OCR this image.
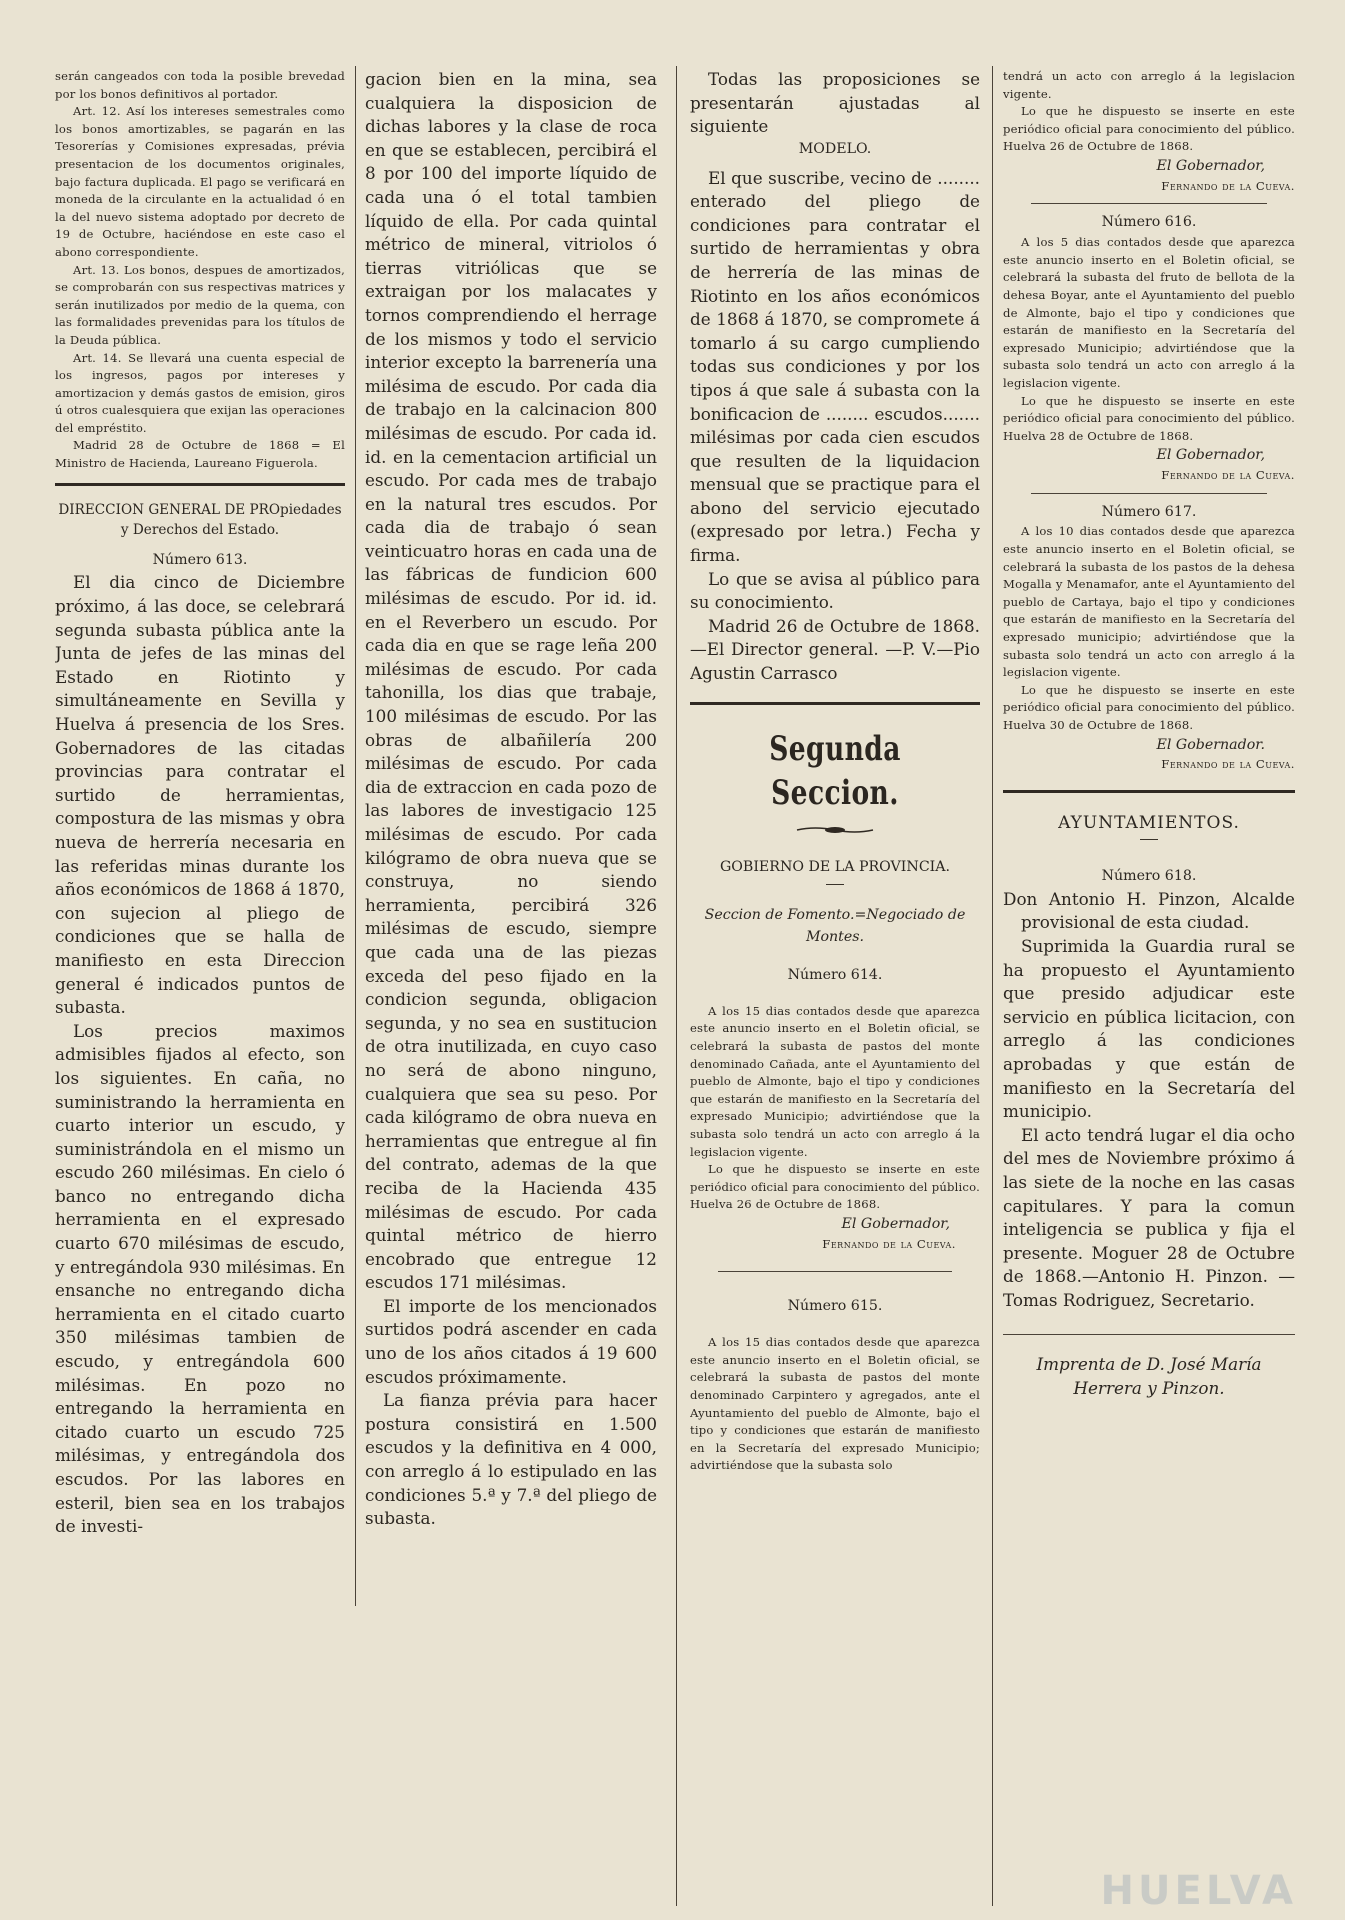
serán cangeados con toda la posible brevedad por los bonos definitivos al portador.

Art. 12. Así los intereses semestrales como los bonos amortizables, se pagarán en las Tesorerías y Comisiones expresadas, prévia presentacion de los documentos originales, bajo factura duplicada. El pago se verificará en moneda de la circulante en la actualidad ó en la del nuevo sistema adoptado por decreto de 19 de Octubre, haciéndose en este caso el abono correspondiente.

Art. 13. Los bonos, despues de amortizados, se comprobarán con sus respectivas matrices y serán inutilizados por medio de la quema, con las formalidades prevenidas para los títulos de la Deuda pública.

Art. 14. Se llevará una cuenta especial de los ingresos, pagos por intereses y amortizacion y demás gastos de emision, giros ú otros cualesquiera que exijan las operaciones del empréstito.

Madrid 28 de Octubre de 1868 = El Ministro de Hacienda, Laureano Figuerola.

DIRECCION GENERAL DE PROpiedades y Derechos del Estado.

Número 613.

El dia cinco de Diciembre próximo, á las doce, se celebrará segunda subasta pública ante la Junta de jefes de las minas del Estado en Riotinto y simultáneamente en Sevilla y Huelva á presencia de los Sres. Gobernadores de las citadas provincias para contratar el surtido de herramientas, compostura de las mismas y obra nueva de herrería necesaria en las referidas minas durante los años económicos de 1868 á 1870, con sujecion al pliego de condiciones que se halla de manifiesto en esta Direccion general é indicados puntos de subasta.

Los precios maximos admisibles fijados al efecto, son los siguientes. En caña, no suministrando la herramienta en cuarto interior un escudo, y suministrándola en el mismo un escudo 260 milésimas. En cielo ó banco no entregando dicha herramienta en el expresado cuarto 670 milésimas de escudo, y entregándola 930 milésimas. En ensanche no entregando dicha herramienta en el citado cuarto 350 milésimas tambien de escudo, y entregándola 600 milésimas. En pozo no entregando la herramienta en citado cuarto un escudo 725 milésimas, y entregándola dos escudos. Por las labores en esteril, bien sea en los trabajos de investi-

gacion bien en la mina, sea cualquiera la disposicion de dichas labores y la clase de roca en que se establecen, percibirá el 8 por 100 del importe líquido de cada una ó el total tambien líquido de ella. Por cada quintal métrico de mineral, vitriolos ó tierras vitriólicas que se extraigan por los malacates y tornos comprendiendo el herrage de los mismos y todo el servicio interior excepto la barrenería una milésima de escudo. Por cada dia de trabajo en la calcinacion 800 milésimas de escudo. Por cada id. id. en la cementacion artificial un escudo. Por cada mes de trabajo en la natural tres escudos. Por cada dia de trabajo ó sean veinticuatro horas en cada una de las fábricas de fundicion 600 milésimas de escudo. Por id. id. en el Reverbero un escudo. Por cada dia en que se rage leña 200 milésimas de escudo. Por cada tahonilla, los dias que trabaje, 100 milésimas de escudo. Por las obras de albañilería 200 milésimas de escudo. Por cada dia de extraccion en cada pozo de las labores de investigacio 125 milésimas de escudo. Por cada kilógramo de obra nueva que se construya, no siendo herramienta, percibirá 326 milésimas de escudo, siempre que cada una de las piezas exceda del peso fijado en la condicion segunda, obligacion segunda, y no sea en sustitucion de otra inutilizada, en cuyo caso no será de abono ninguno, cualquiera que sea su peso. Por cada kilógramo de obra nueva en herramientas que entregue al fin del contrato, ademas de la que reciba de la Hacienda 435 milésimas de escudo. Por cada quintal métrico de hierro encobrado que entregue 12 escudos 171 milésimas.

El importe de los mencionados surtidos podrá ascender en cada uno de los años citados á 19 600 escudos próximamente.

La fianza prévia para hacer postura consistirá en 1.500 escudos y la definitiva en 4 000, con arreglo á lo estipulado en las condiciones 5.ª y 7.ª del pliego de subasta.

Todas las proposiciones se presentarán ajustadas al siguiente

MODELO.

El que suscribe, vecino de ........ enterado del pliego de condiciones para contratar el surtido de herramientas y obra de herrería de las minas de Riotinto en los años económicos de 1868 á 1870, se compromete á tomarlo á su cargo cumpliendo todas sus condiciones y por los tipos á que sale á subasta con la bonificacion de ........ escudos....... milésimas por cada cien escudos que resulten de la liquidacion mensual que se practique para el abono del servicio ejecutado (expresado por letra.) Fecha y firma.

Lo que se avisa al público para su conocimiento.

Madrid 26 de Octubre de 1868.—El Director general. —P. V.—Pio Agustin Carrasco

Segunda Seccion.

GOBIERNO DE LA PROVINCIA.

Seccion de Fomento.=Negociado de Montes.

Número 614.

A los 15 dias contados desde que aparezca este anuncio inserto en el Boletin oficial, se celebrará la subasta de pastos del monte denominado Cañada, ante el Ayuntamiento del pueblo de Almonte, bajo el tipo y condiciones que estarán de manifiesto en la Secretaría del expresado Municipio; advirtiéndose que la subasta solo tendrá un acto con arreglo á la legislacion vigente.

Lo que he dispuesto se inserte en este periódico oficial para conocimiento del público. Huelva 26 de Octubre de 1868.

El Gobernador,

Fernando de la Cueva.

Número 615.

A los 15 dias contados desde que aparezca este anuncio inserto en el Boletin oficial, se celebrará la subasta de pastos del monte denominado Carpintero y agregados, ante el Ayuntamiento del pueblo de Almonte, bajo el tipo y condiciones que estarán de manifiesto en la Secretaría del expresado Municipio; advirtiéndose que la subasta solo

tendrá un acto con arreglo á la legislacion vigente.

Lo que he dispuesto se inserte en este periódico oficial para conocimiento del público. Huelva 26 de Octubre de 1868.

El Gobernador,

Fernando de la Cueva.

Número 616.

A los 5 dias contados desde que aparezca este anuncio inserto en el Boletin oficial, se celebrará la subasta del fruto de bellota de la dehesa Boyar, ante el Ayuntamiento del pueblo de Almonte, bajo el tipo y condiciones que estarán de manifiesto en la Secretaría del expresado Municipio; advirtiéndose que la subasta solo tendrá un acto con arreglo á la legislacion vigente.

Lo que he dispuesto se inserte en este periódico oficial para conocimiento del público. Huelva 28 de Octubre de 1868.

El Gobernador,

Fernando de la Cueva.

Número 617.

A los 10 dias contados desde que aparezca este anuncio inserto en el Boletin oficial, se celebrará la subasta de los pastos de la dehesa Mogalla y Menamafor, ante el Ayuntamiento del pueblo de Cartaya, bajo el tipo y condiciones que estarán de manifiesto en la Secretaría del expresado municipio; advirtiéndose que la subasta solo tendrá un acto con arreglo á la legislacion vigente.

Lo que he dispuesto se inserte en este periódico oficial para conocimiento del público. Huelva 30 de Octubre de 1868.

El Gobernador.

Fernando de la Cueva.

AYUNTAMIENTOS.

Número 618.

Don Antonio H. Pinzon, Alcalde provisional de esta ciudad.

Suprimida la Guardia rural se ha propuesto el Ayuntamiento que presido adjudicar este servicio en pública licitacion, con arreglo á las condiciones aprobadas y que están de manifiesto en la Secretaría del municipio.

El acto tendrá lugar el dia ocho del mes de Noviembre próximo á las siete de la noche en las casas capitulares. Y para la comun inteligencia se publica y fija el presente. Moguer 28 de Octubre de 1868.—Antonio H. Pinzon. —Tomas Rodriguez, Secretario.

Imprenta de D. José María Herrera y Pinzon.

HUELVA
